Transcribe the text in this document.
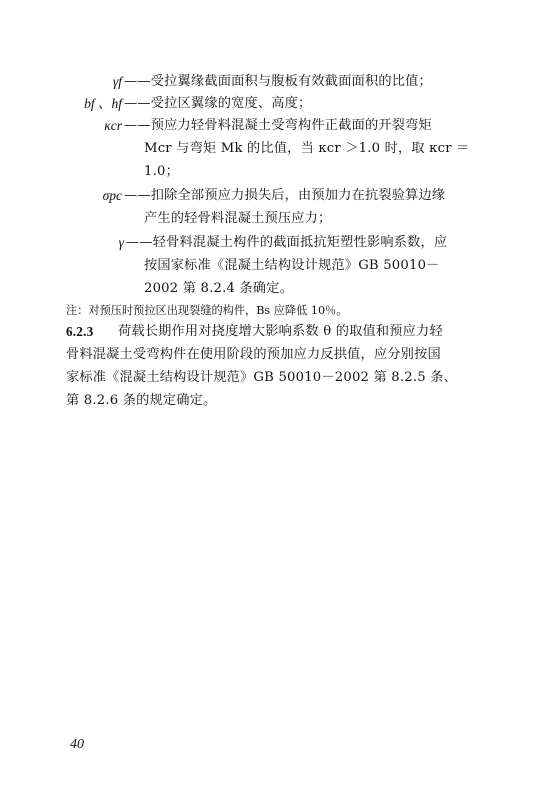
γf ——受拉翼缘截面面积与腹板有效截面面积的比值；
bf 、hf ——受拉区翼缘的宽度、高度；
κcr ——预应力轻骨料混凝土受弯构件正截面的开裂弯矩
Mcr 与弯矩 Mk 的比值，当 κcr ＞1.0 时，取 κcr ＝
1.0；
σpc ——扣除全部预应力损失后，由预加力在抗裂验算边缘
产生的轻骨料混凝土预压应力；
γ ——轻骨料混凝土构件的截面抵抗矩塑性影响系数，应
按国家标准《混凝土结构设计规范》GB 50010－
2002 第 8.2.4 条确定。
注：对预压时预拉区出现裂缝的构件，Bs 应降低 10％。
6.2.3 荷载长期作用对挠度增大影响系数 θ 的取值和预应力轻
骨料混凝土受弯构件在使用阶段的预加应力反拱值，应分别按国
家标准《混凝土结构设计规范》GB 50010－2002 第 8.2.5 条、
第 8.2.6 条的规定确定。
40
